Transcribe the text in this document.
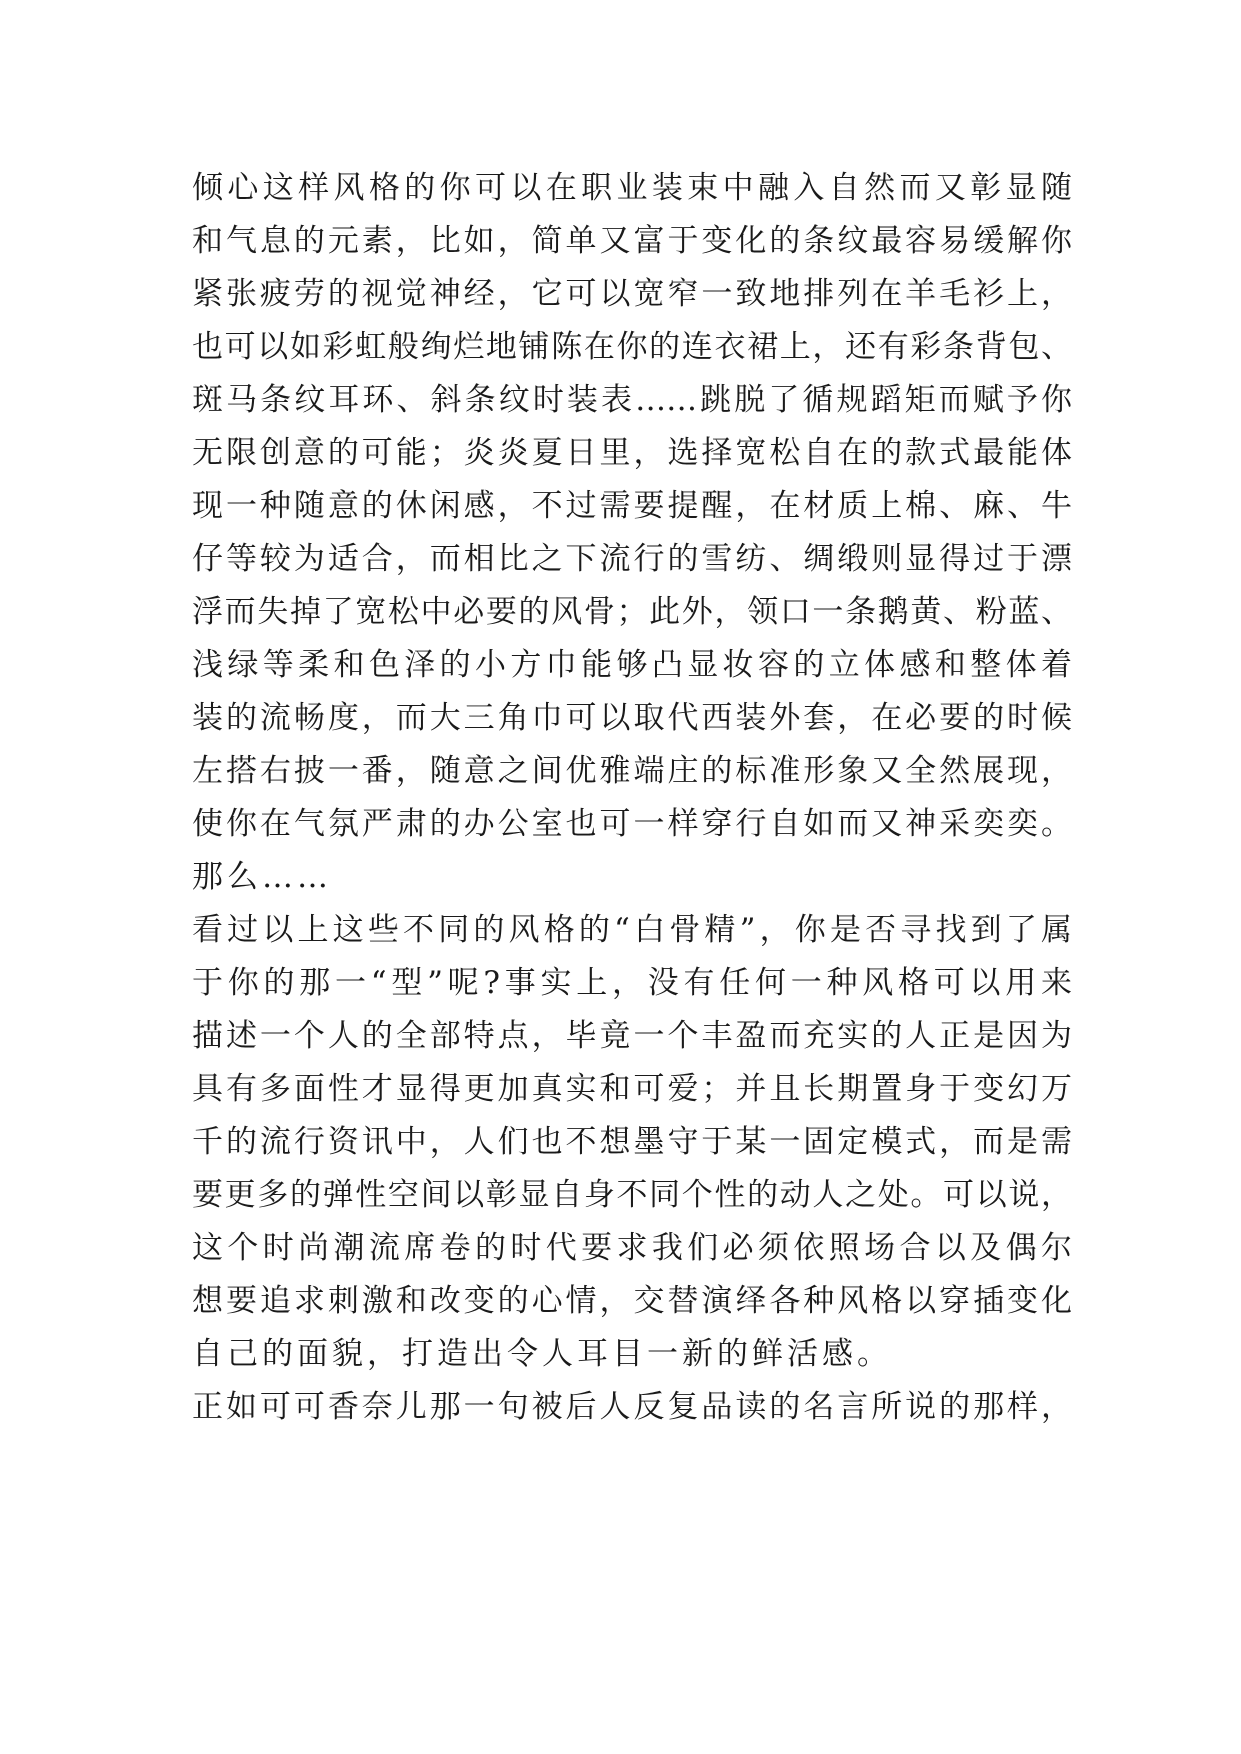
倾心这样风格的你可以在职业装束中融入自然而又彰显随
和气息的元素，比如，简单又富于变化的条纹最容易缓解你
紧张疲劳的视觉神经，它可以宽窄一致地排列在羊毛衫上，
也可以如彩虹般绚烂地铺陈在你的连衣裙上，还有彩条背包、
斑马条纹耳环、斜条纹时装表……跳脱了循规蹈矩而赋予你
无限创意的可能；炎炎夏日里，选择宽松自在的款式最能体
现一种随意的休闲感，不过需要提醒，在材质上棉、麻、牛
仔等较为适合，而相比之下流行的雪纺、绸缎则显得过于漂
浮而失掉了宽松中必要的风骨；此外，领口一条鹅黄、粉蓝、
浅绿等柔和色泽的小方巾能够凸显妆容的立体感和整体着
装的流畅度，而大三角巾可以取代西装外套，在必要的时候
左搭右披一番，随意之间优雅端庄的标准形象又全然展现，
使你在气氛严肃的办公室也可一样穿行自如而又神采奕奕。
那么……
看过以上这些不同的风格的“白骨精”，你是否寻找到了属
于你的那一“型”呢?事实上，没有任何一种风格可以用来
描述一个人的全部特点，毕竟一个丰盈而充实的人正是因为
具有多面性才显得更加真实和可爱；并且长期置身于变幻万
千的流行资讯中，人们也不想墨守于某一固定模式，而是需
要更多的弹性空间以彰显自身不同个性的动人之处。可以说，
这个时尚潮流席卷的时代要求我们必须依照场合以及偶尔
想要追求刺激和改变的心情，交替演绎各种风格以穿插变化
自己的面貌，打造出令人耳目一新的鲜活感。
正如可可香奈儿那一句被后人反复品读的名言所说的那样，
